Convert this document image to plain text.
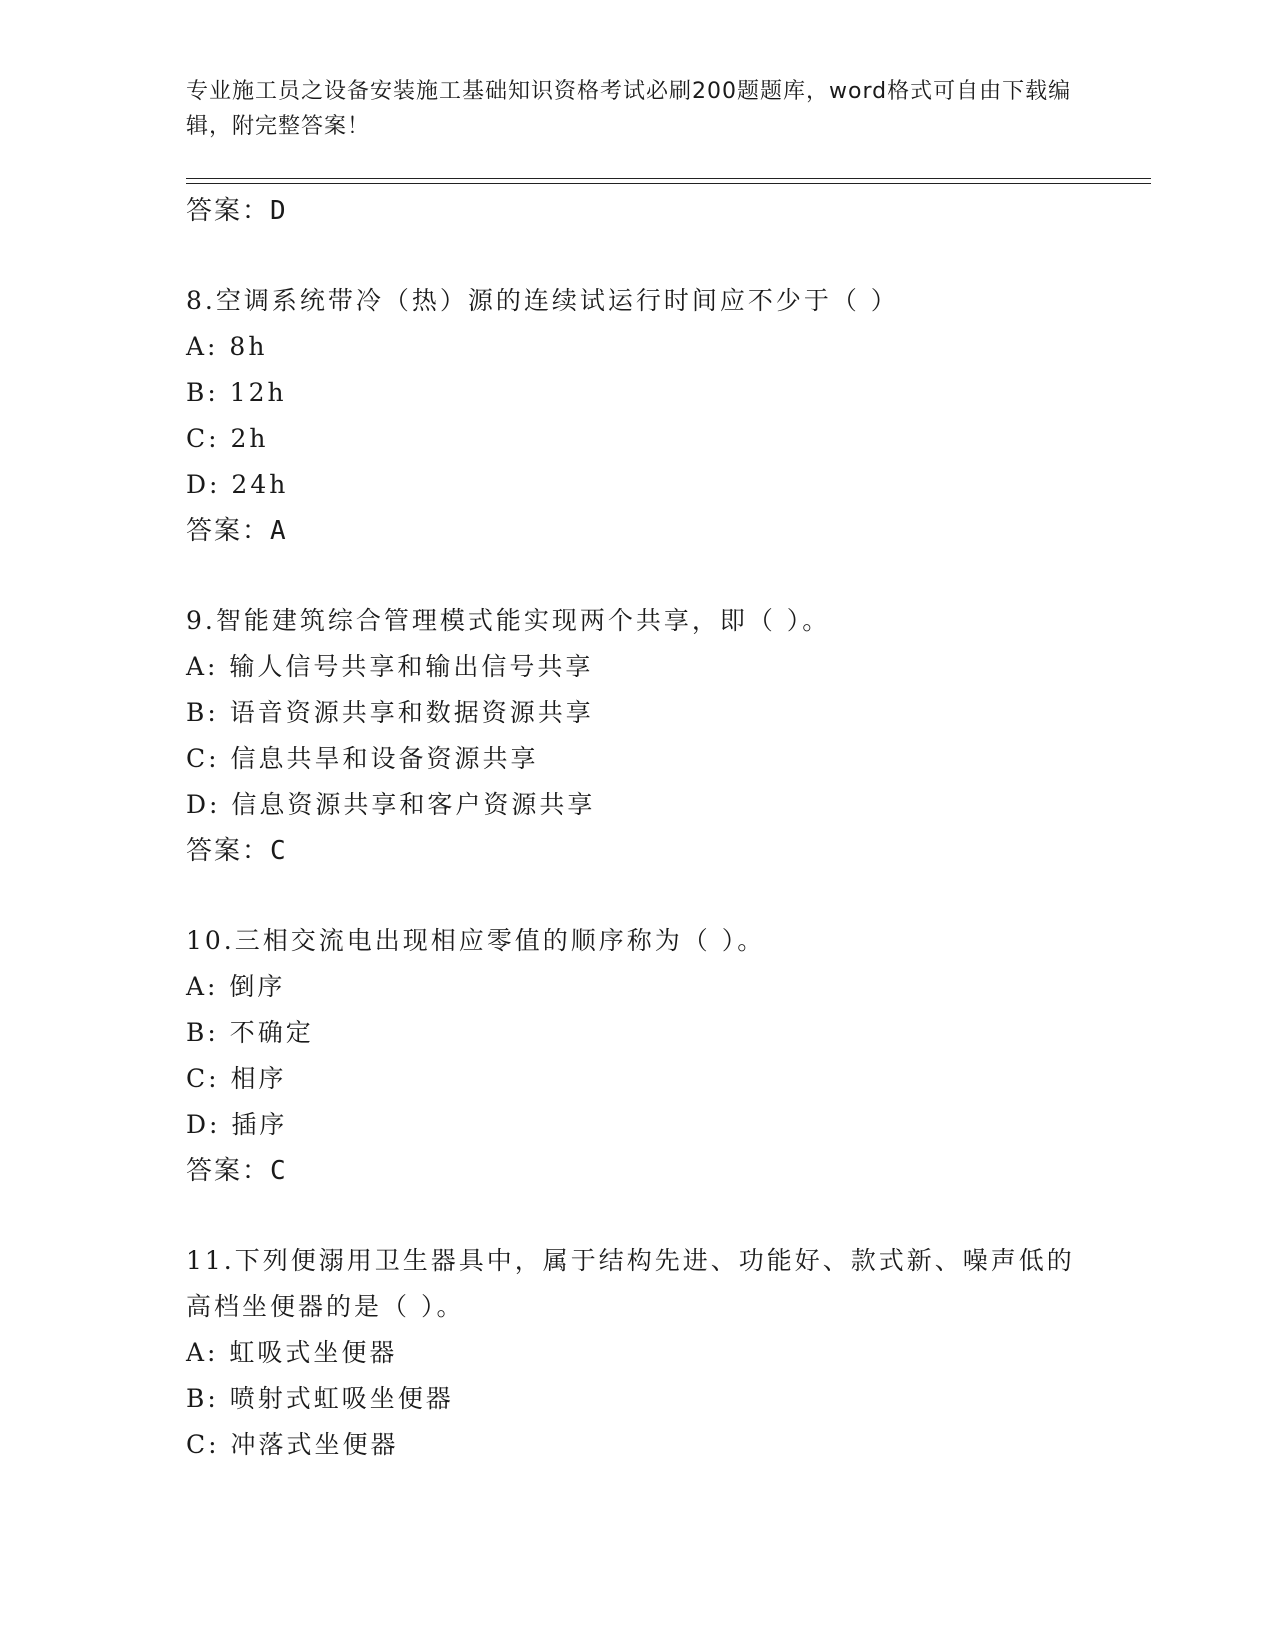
专业施工员之设备安装施工基础知识资格考试必刷200题题库，word格式可自由下载编辑，附完整答案！
答案：D
8.空调系统带冷（热）源的连续试运行时间应不少于（ ）
A: 8h
B: 12h
C: 2h
D: 24h
答案：A
9.智能建筑综合管理模式能实现两个共享，即（ ）。
A: 输人信号共享和输出信号共享
B: 语音资源共享和数据资源共享
C: 信息共旱和设备资源共享
D: 信息资源共享和客户资源共享
答案：C
10.三相交流电出现相应零值的顺序称为（ ）。
A: 倒序
B: 不确定
C: 相序
D: 插序
答案：C
11.下列便溺用卫生器具中，属于结构先进、功能好、款式新、噪声低的高档坐便器的是（ ）。
A: 虹吸式坐便器
B: 喷射式虹吸坐便器
C: 冲落式坐便器
